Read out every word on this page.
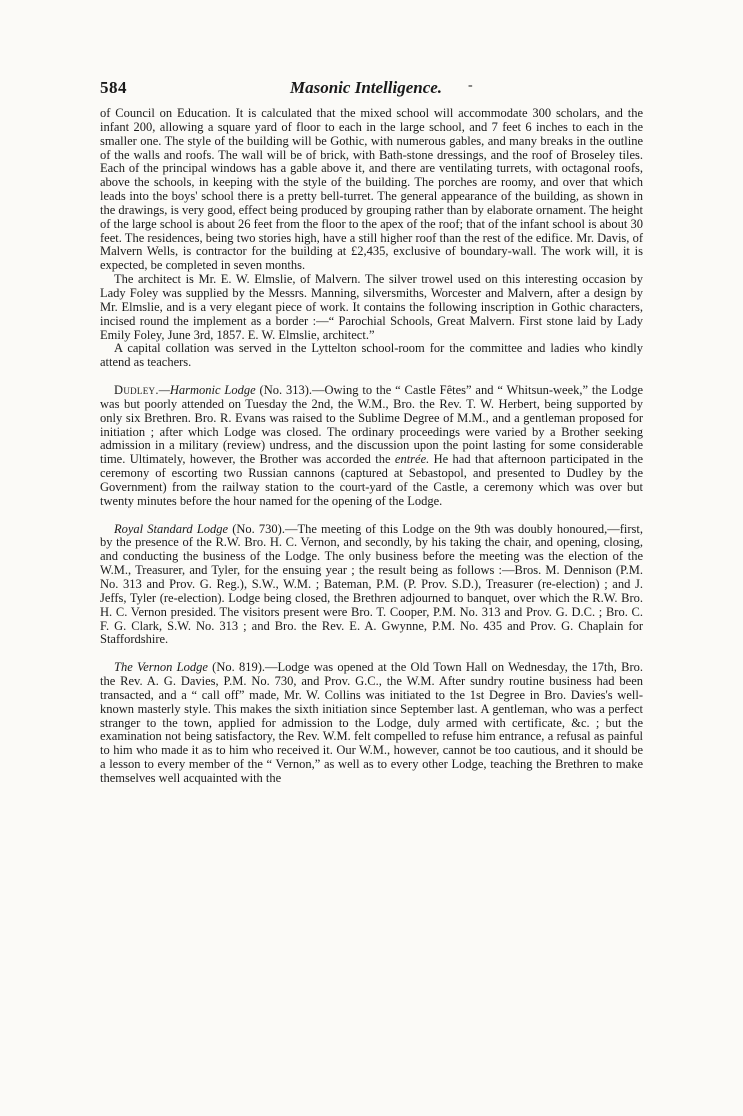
584	Masonic Intelligence. -

of Council on Education. It is calculated that the mixed school will accommodate 300 scholars, and the infant 200, allowing a square yard of floor to each in the large school, and 7 feet 6 inches to each in the smaller one. The style of the building will be Gothic, with numerous gables, and many breaks in the outline of the walls and roofs. The wall will be of brick, with Bath-stone dressings, and the roof of Broseley tiles. Each of the principal windows has a gable above it, and there are ventilating turrets, with octagonal roofs, above the schools, in keeping with the style of the building. The porches are roomy, and over that which leads into the boys' school there is a pretty bell-turret. The general appearance of the building, as shown in the drawings, is very good, effect being produced by grouping rather than by elaborate ornament. The height of the large school is about 26 feet from the floor to the apex of the roof; that of the infant school is about 30 feet. The residences, being two stories high, have a still higher roof than the rest of the edifice. Mr. Davis, of Malvern Wells, is contractor for the building at £2,435, exclusive of boundary-wall. The work will, it is expected, be completed in seven months.

The architect is Mr. E. W. Elmslie, of Malvern. The silver trowel used on this interesting occasion by Lady Foley was supplied by the Messrs. Manning, silversmiths, Worcester and Malvern, after a design by Mr. Elmslie, and is a very elegant piece of work. It contains the following inscription in Gothic characters, incised round the implement as a border :—“ Parochial Schools, Great Malvern. First stone laid by Lady Emily Foley, June 3rd, 1857. E. W. Elmslie, architect.”

A capital collation was served in the Lyttelton school-room for the committee and ladies who kindly attend as teachers.

Dudley.—Harmonic Lodge (No. 313).—Owing to the “ Castle Fêtes” and “ Whitsun-week,” the Lodge was but poorly attended on Tuesday the 2nd, the W.M., Bro. the Rev. T. W. Herbert, being supported by only six Brethren. Bro. R. Evans was raised to the Sublime Degree of M.M., and a gentleman proposed for initiation ; after which Lodge was closed. The ordinary proceedings were varied by a Brother seeking admission in a military (review) undress, and the discussion upon the point lasting for some considerable time. Ultimately, however, the Brother was accorded the entrée. He had that afternoon participated in the ceremony of escorting two Russian cannons (captured at Sebastopol, and presented to Dudley by the Government) from the railway station to the court-yard of the Castle, a ceremony which was over but twenty minutes before the hour named for the opening of the Lodge.

Royal Standard Lodge (No. 730).—The meeting of this Lodge on the 9th was doubly honoured,—first, by the presence of the R.W. Bro. H. C. Vernon, and secondly, by his taking the chair, and opening, closing, and conducting the business of the Lodge. The only business before the meeting was the election of the W.M., Treasurer, and Tyler, for the ensuing year ; the result being as follows :—Bros. M. Dennison (P.M. No. 313 and Prov. G. Reg.), S.W., W.M. ; Bateman, P.M. (P. Prov. S.D.), Treasurer (re-election) ; and J. Jeffs, Tyler (re-election). Lodge being closed, the Brethren adjourned to banquet, over which the R.W. Bro. H. C. Vernon presided. The visitors present were Bro. T. Cooper, P.M. No. 313 and Prov. G. D.C. ; Bro. C. F. G. Clark, S.W. No. 313 ; and Bro. the Rev. E. A. Gwynne, P.M. No. 435 and Prov. G. Chaplain for Staffordshire.

The Vernon Lodge (No. 819).—Lodge was opened at the Old Town Hall on Wednesday, the 17th, Bro. the Rev. A. G. Davies, P.M. No. 730, and Prov. G.C., the W.M. After sundry routine business had been transacted, and a “ call off” made, Mr. W. Collins was initiated to the 1st Degree in Bro. Davies's well-known masterly style. This makes the sixth initiation since September last. A gentleman, who was a perfect stranger to the town, applied for admission to the Lodge, duly armed with certificate, &c. ; but the examination not being satisfactory, the Rev. W.M. felt compelled to refuse him entrance, a refusal as painful to him who made it as to him who received it. Our W.M., however, cannot be too cautious, and it should be a lesson to every member of the “ Vernon,” as well as to every other Lodge, teaching the Brethren to make themselves well acquainted with the
